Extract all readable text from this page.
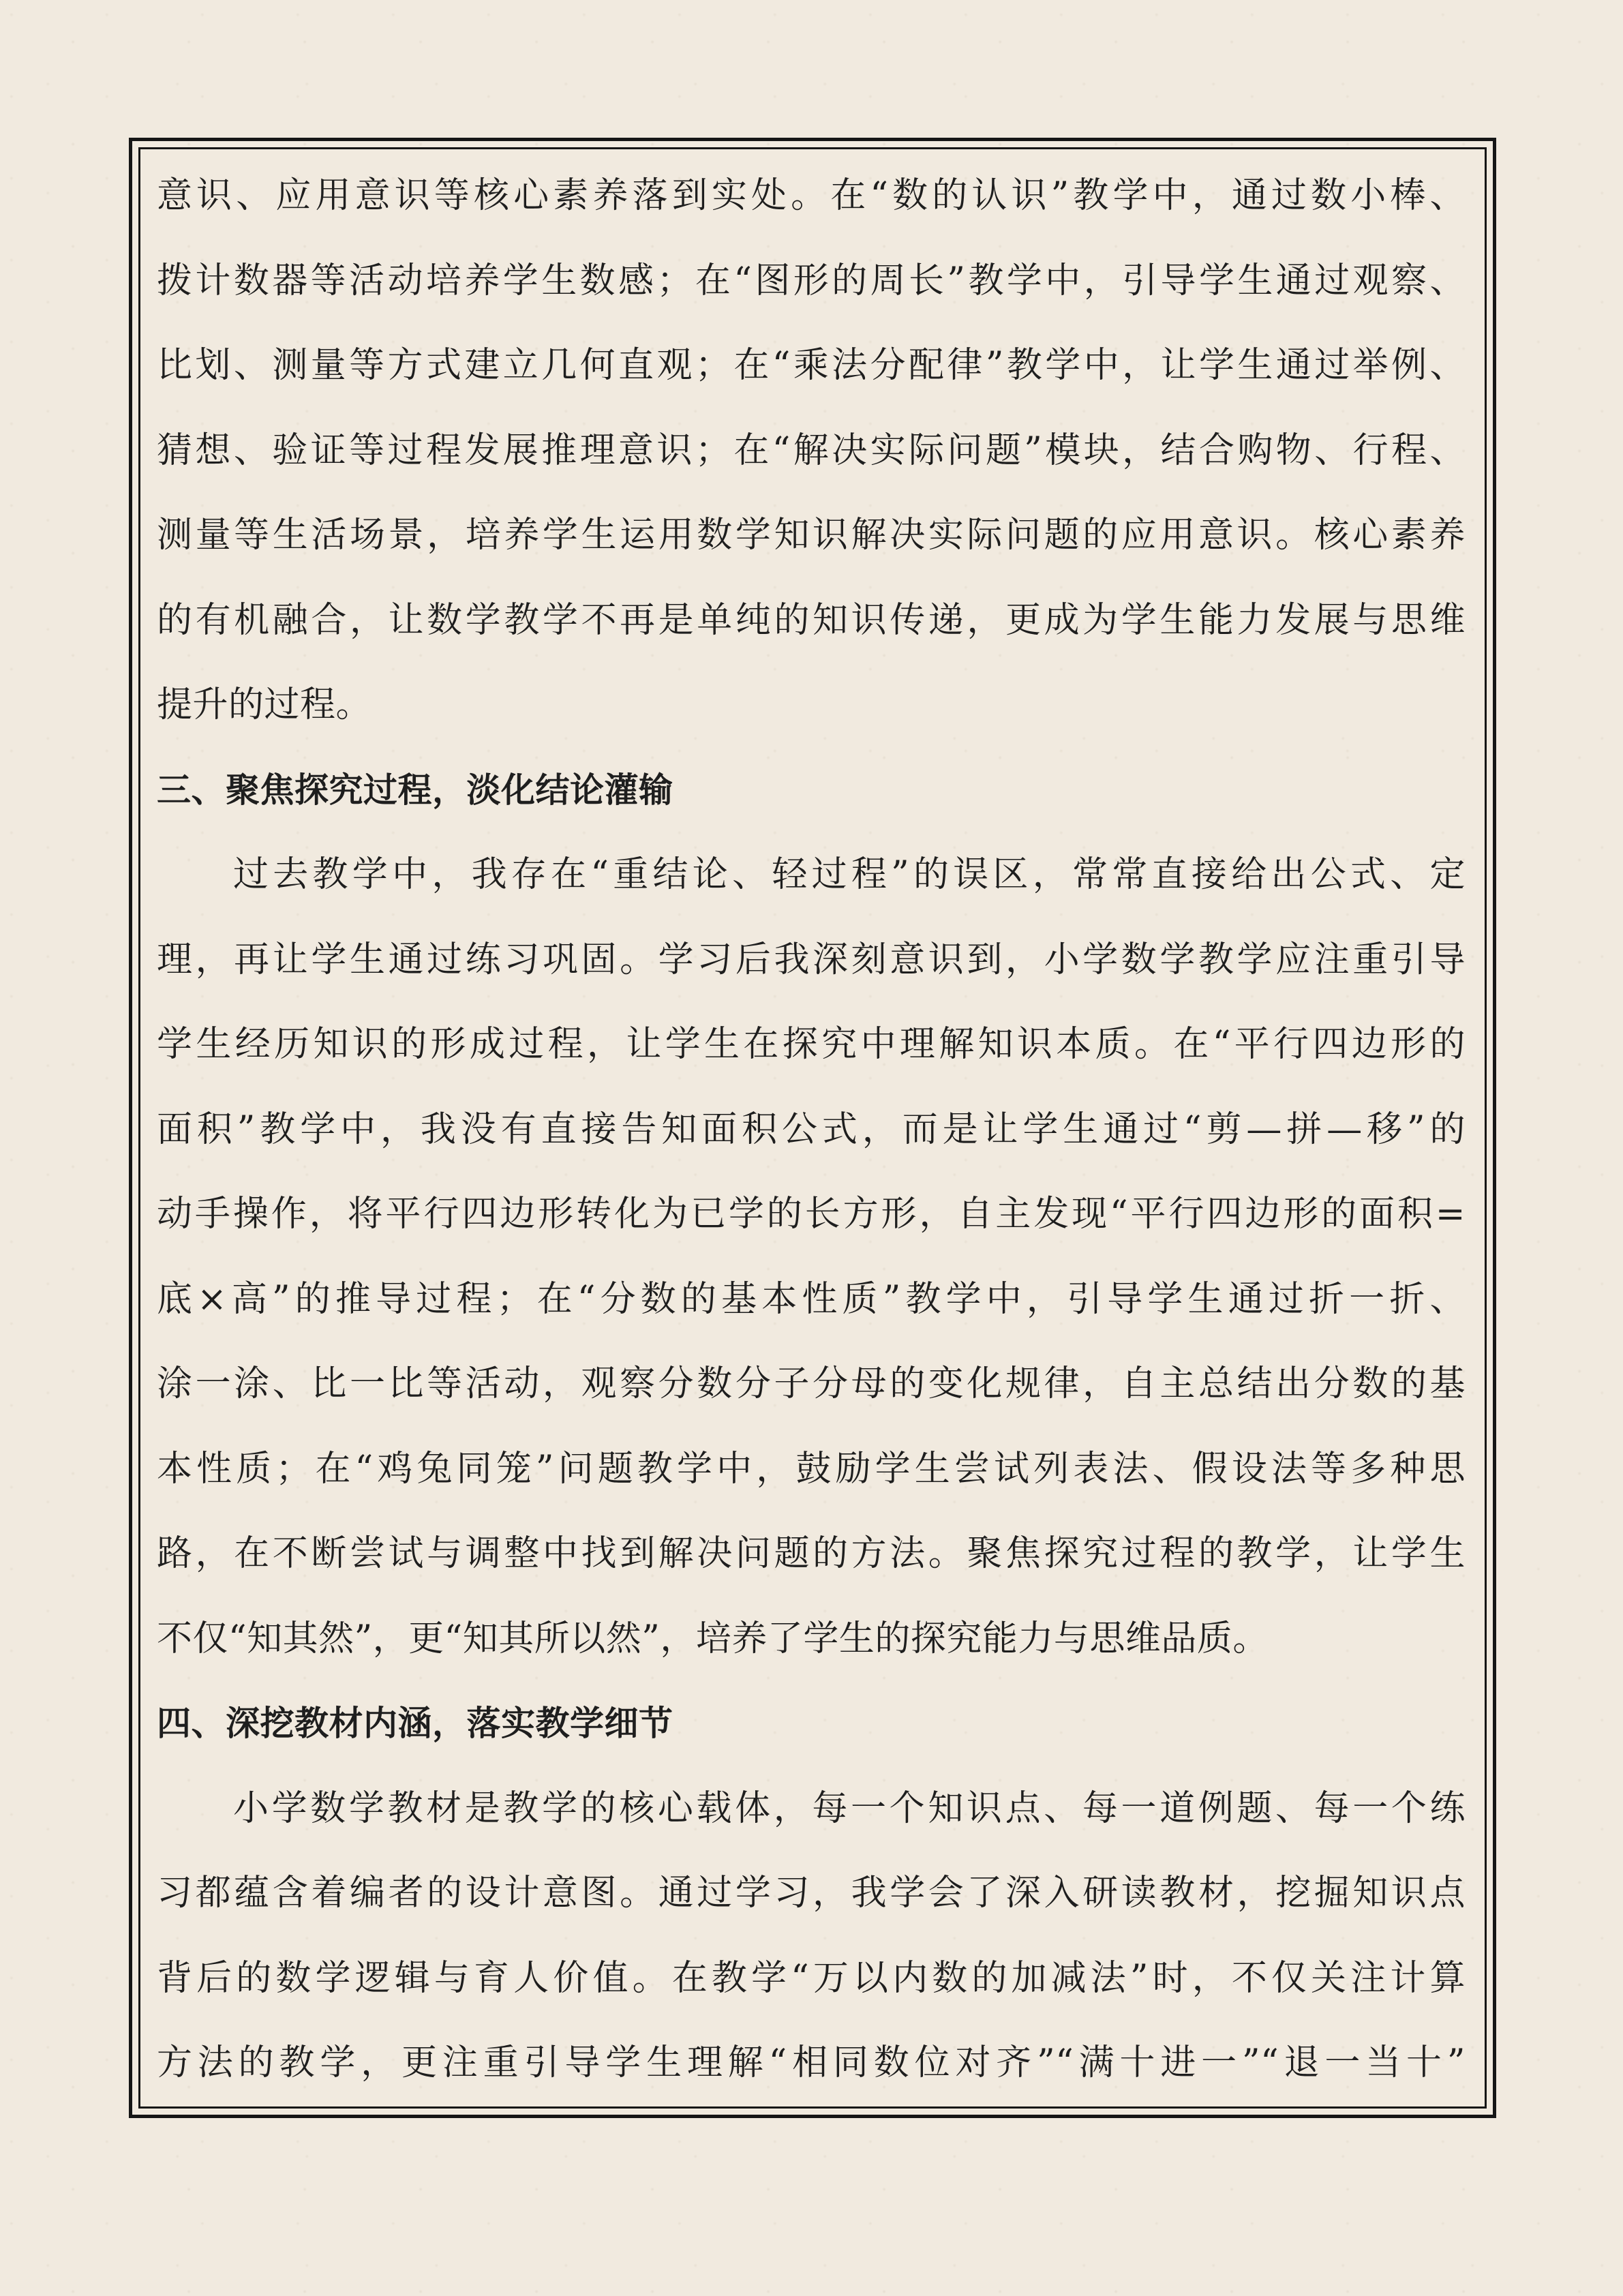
意识、应用意识等核心素养落到实处。在“数的认识”教学中，通过数小棒、
拨计数器等活动培养学生数感；在“图形的周长”教学中，引导学生通过观察、
比划、测量等方式建立几何直观；在“乘法分配律”教学中，让学生通过举例、
猜想、验证等过程发展推理意识；在“解决实际问题”模块，结合购物、行程、
测量等生活场景，培养学生运用数学知识解决实际问题的应用意识。核心素养
的有机融合，让数学教学不再是单纯的知识传递，更成为学生能力发展与思维
提升的过程。
三、聚焦探究过程，淡化结论灌输
过去教学中，我存在“重结论、轻过程”的误区，常常直接给出公式、定
理，再让学生通过练习巩固。学习后我深刻意识到，小学数学教学应注重引导
学生经历知识的形成过程，让学生在探究中理解知识本质。在“平行四边形的
面积”教学中，我没有直接告知面积公式，而是让学生通过“剪—拼—移”的
动手操作，将平行四边形转化为已学的长方形，自主发现“平行四边形的面积=
底×高”的推导过程；在“分数的基本性质”教学中，引导学生通过折一折、
涂一涂、比一比等活动，观察分数分子分母的变化规律，自主总结出分数的基
本性质；在“鸡兔同笼”问题教学中，鼓励学生尝试列表法、假设法等多种思
路，在不断尝试与调整中找到解决问题的方法。聚焦探究过程的教学，让学生
不仅“知其然”，更“知其所以然”，培养了学生的探究能力与思维品质。
四、深挖教材内涵，落实教学细节
小学数学教材是教学的核心载体，每一个知识点、每一道例题、每一个练
习都蕴含着编者的设计意图。通过学习，我学会了深入研读教材，挖掘知识点
背后的数学逻辑与育人价值。在教学“万以内数的加减法”时，不仅关注计算
方法的教学，更注重引导学生理解“相同数位对齐”“满十进一”“退一当十”
